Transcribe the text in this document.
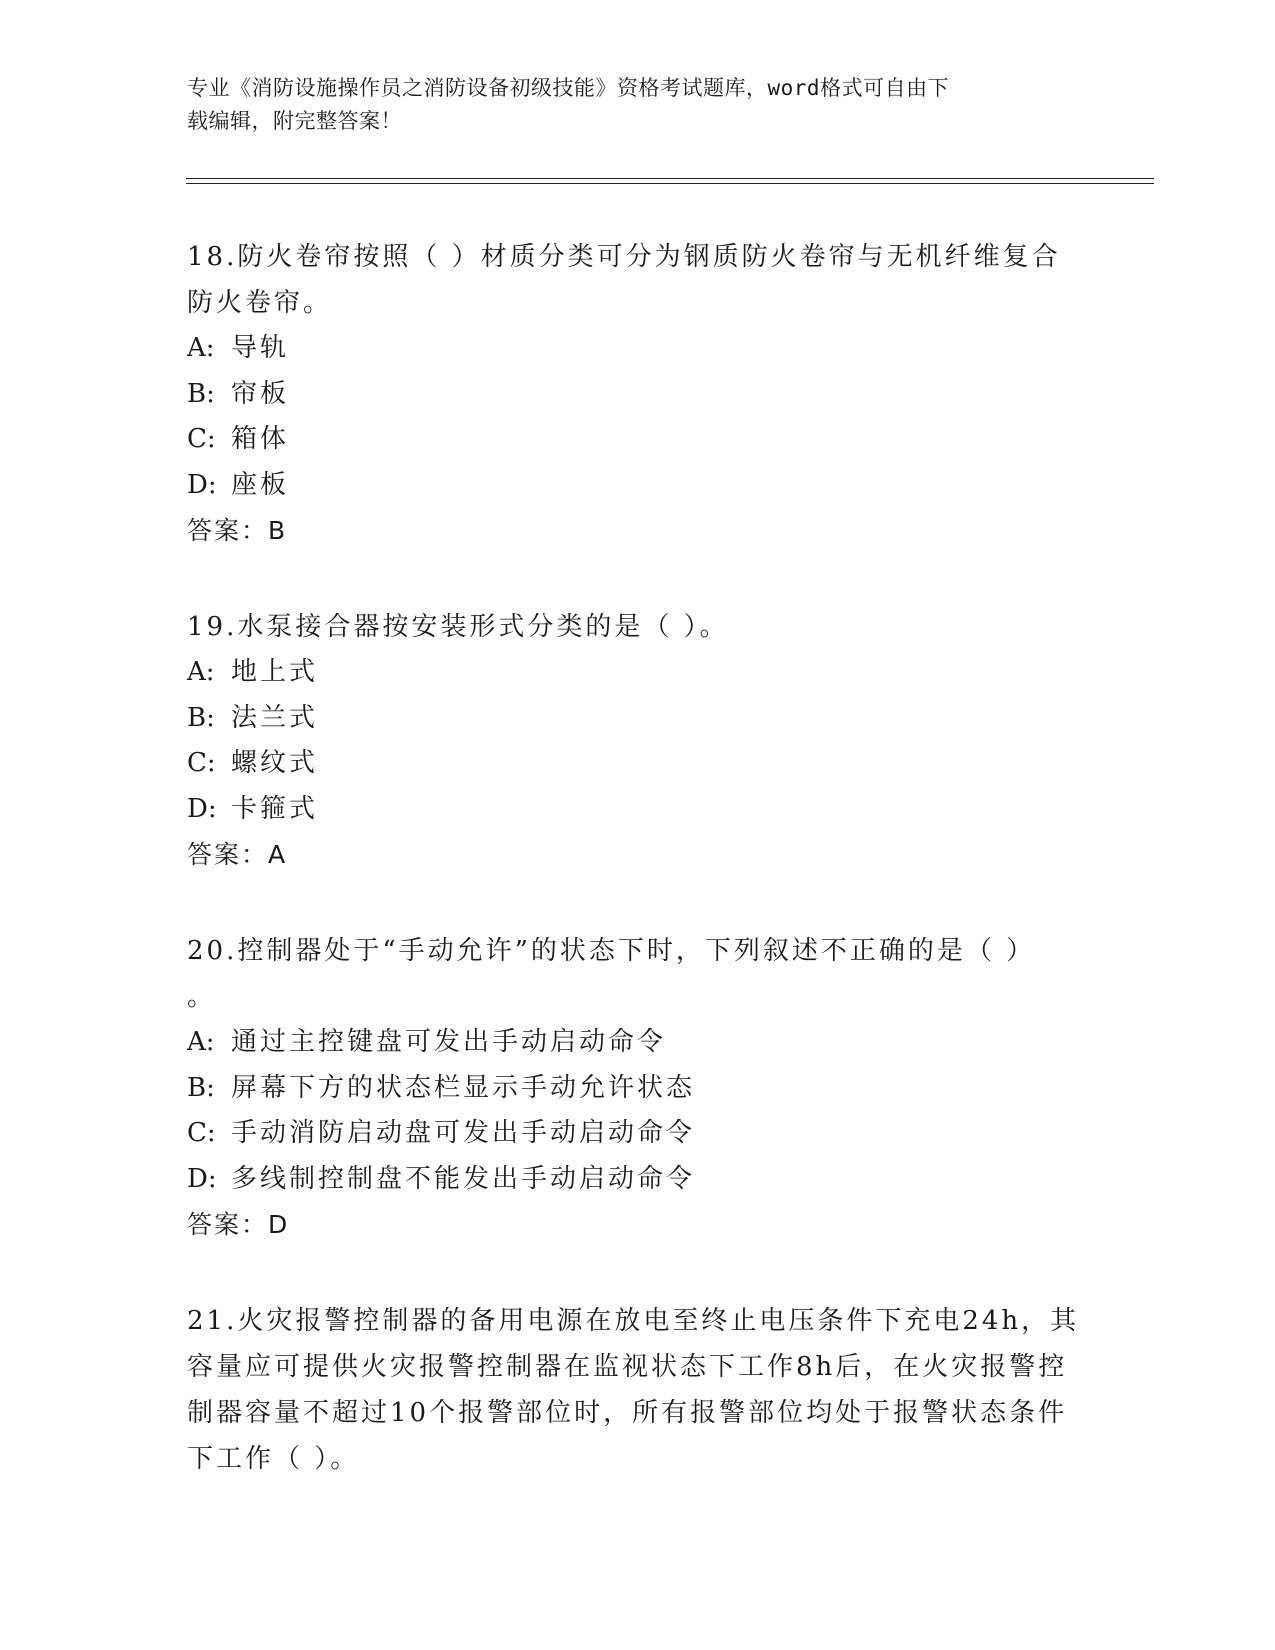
专业《消防设施操作员之消防设备初级技能》资格考试题库，word格式可自由下
载编辑，附完整答案！

18.防火卷帘按照（ ）材质分类可分为钢质防火卷帘与无机纤维复合

防火卷帘。

A: 导轨

B: 帘板

C: 箱体

D: 座板

答案：B

19.水泵接合器按安装形式分类的是（ ）。

A: 地上式

B: 法兰式

C: 螺纹式

D: 卡箍式

答案：A

20.控制器处于“手动允许”的状态下时，下列叙述不正确的是（ ）

。

A: 通过主控键盘可发出手动启动命令

B: 屏幕下方的状态栏显示手动允许状态

C: 手动消防启动盘可发出手动启动命令

D: 多线制控制盘不能发出手动启动命令

答案：D

21.火灾报警控制器的备用电源在放电至终止电压条件下充电24h，其

容量应可提供火灾报警控制器在监视状态下工作8h后，在火灾报警控

制器容量不超过10个报警部位时，所有报警部位均处于报警状态条件

下工作（ ）。
